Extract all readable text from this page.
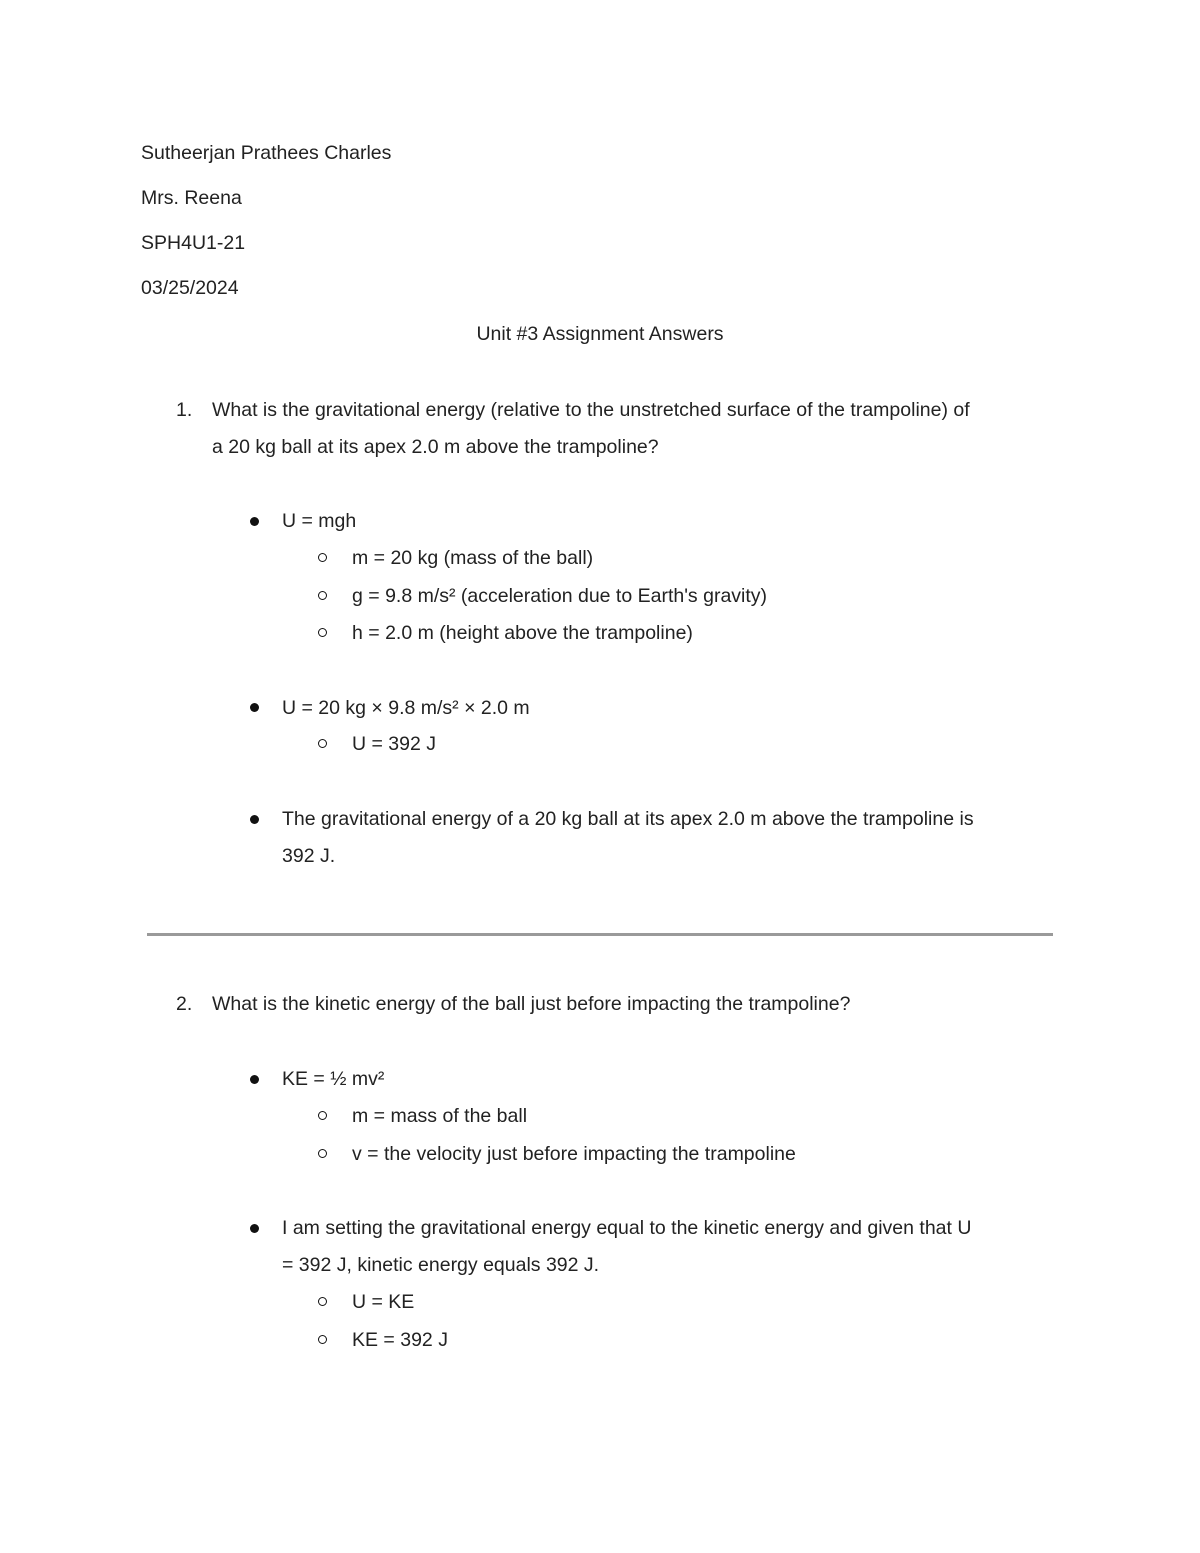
Sutheerjan Prathees Charles
Mrs. Reena
SPH4U1-21
03/25/2024
Unit #3 Assignment Answers
1. What is the gravitational energy (relative to the unstretched surface of the trampoline) of
a 20 kg ball at its apex 2.0 m above the trampoline?
U = mgh
m = 20 kg (mass of the ball)
g = 9.8 m/s² (acceleration due to Earth's gravity)
h = 2.0 m (height above the trampoline)
U = 20 kg × 9.8 m/s² × 2.0 m
U = 392 J
The gravitational energy of a 20 kg ball at its apex 2.0 m above the trampoline is
392 J.
2. What is the kinetic energy of the ball just before impacting the trampoline?
KE = ½ mv²
m = mass of the ball
v = the velocity just before impacting the trampoline
I am setting the gravitational energy equal to the kinetic energy and given that U
= 392 J, kinetic energy equals 392 J.
U = KE
KE = 392 J
